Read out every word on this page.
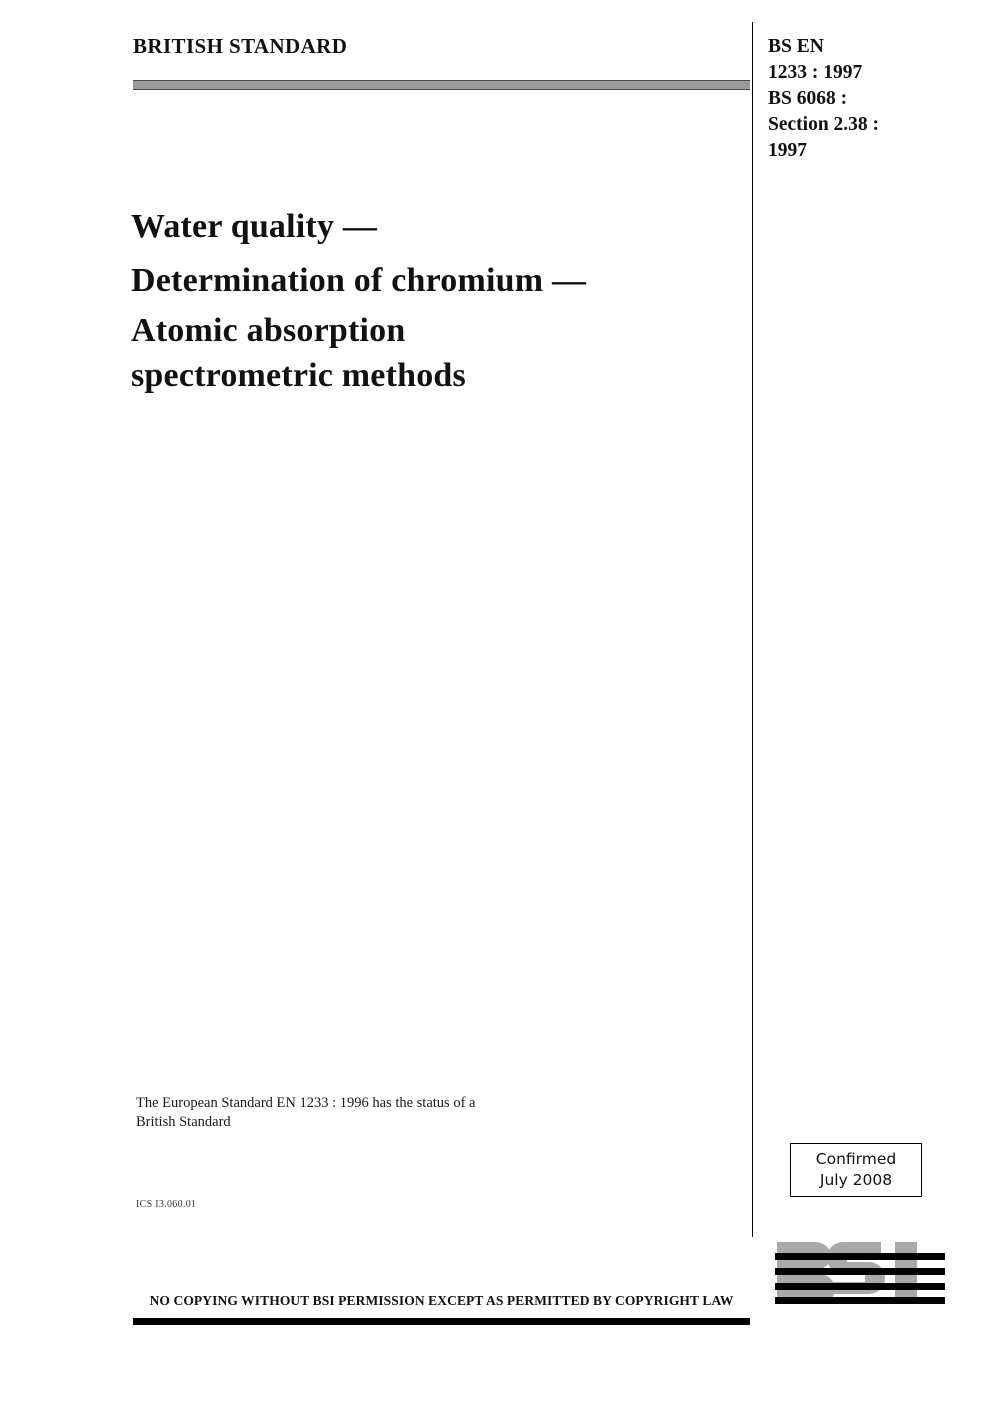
BRITISH STANDARD	BS EN
1233 : 1997
BS 6068 :
Section 2.38 :
1997
Water quality —
Determination of chromium —
Atomic absorption
spectrometric methods
The European Standard EN 1233 : 1996 has the status of a
British Standard
ICS I3.060.01
Confirmed
July 2008
NO COPYING WITHOUT BSI PERMISSION EXCEPT AS PERMITTED BY COPYRIGHT LAW
